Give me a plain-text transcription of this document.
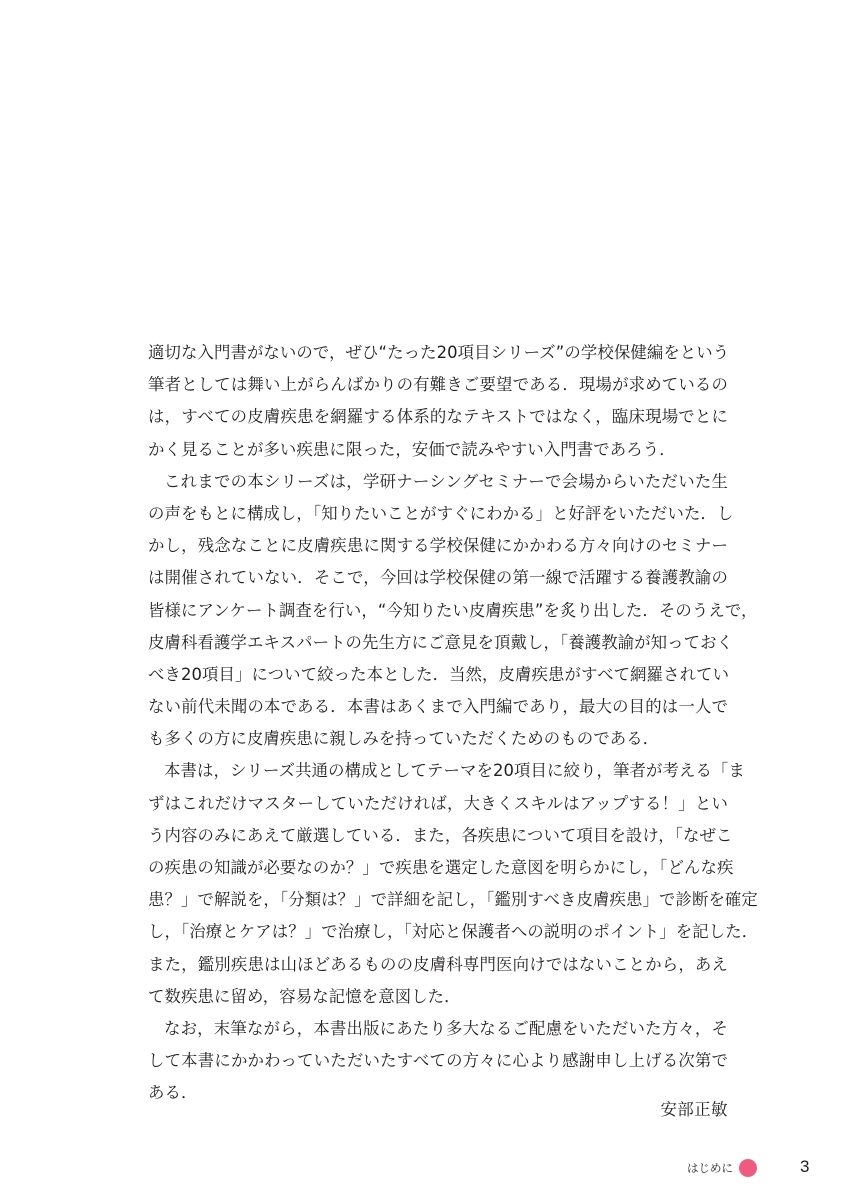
適切な入門書がないので，ぜひ“たった20項目シリーズ”の学校保健編をという
筆者としては舞い上がらんばかりの有難きご要望である．現場が求めているの
は，すべての皮膚疾患を網羅する体系的なテキストではなく，臨床現場でとに
かく見ることが多い疾患に限った，安価で読みやすい入門書であろう．
これまでの本シリーズは，学研ナーシングセミナーで会場からいただいた生
の声をもとに構成し，「知りたいことがすぐにわかる」と好評をいただいた．し
かし，残念なことに皮膚疾患に関する学校保健にかかわる方々向けのセミナー
は開催されていない．そこで，今回は学校保健の第一線で活躍する養護教諭の
皆様にアンケート調査を行い，“今知りたい皮膚疾患”を炙り出した．そのうえで，
皮膚科看護学エキスパートの先生方にご意見を頂戴し，「養護教諭が知っておく
べき20項目」について絞った本とした．当然，皮膚疾患がすべて網羅されてい
ない前代未聞の本である．本書はあくまで入門編であり，最大の目的は一人で
も多くの方に皮膚疾患に親しみを持っていただくためのものである．
本書は，シリーズ共通の構成としてテーマを20項目に絞り，筆者が考える「ま
ずはこれだけマスターしていただければ，大きくスキルはアップする！」とい
う内容のみにあえて厳選している．また，各疾患について項目を設け，「なぜこ
の疾患の知識が必要なのか？」で疾患を選定した意図を明らかにし，「どんな疾
患？」で解説を，「分類は？」で詳細を記し，「鑑別すべき皮膚疾患」で診断を確定
し，「治療とケアは？」で治療し，「対応と保護者への説明のポイント」を記した．
また，鑑別疾患は山ほどあるものの皮膚科専門医向けではないことから，あえ
て数疾患に留め，容易な記憶を意図した．
なお，末筆ながら，本書出版にあたり多大なるご配慮をいただいた方々，そ
して本書にかかわっていただいたすべての方々に心より感謝申し上げる次第で
ある．
安部正敏
はじめに	3
